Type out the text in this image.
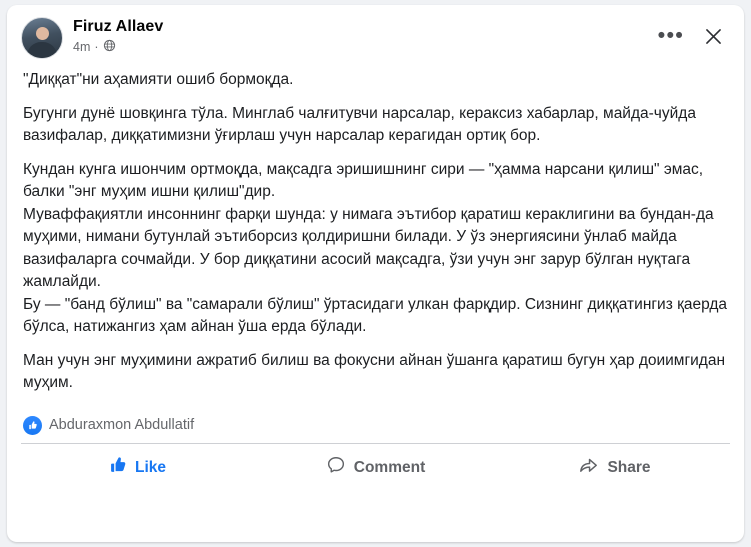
Firuz Allaev
4m ·	•••

"Диққат"ни аҳамияти ошиб бормоқда.

Бугунги дунё шовқинга тўла. Минглаб чалғитувчи нарсалар, кераксиз хабарлар, майда-чуйда вазифалар, диққатимизни ўғирлаш учун нарсалар керагидан ортиқ бор.

Кундан кунга ишончим ортмоқда, мақсадга эришишнинг сири — "ҳамма нарсани қилиш" эмас, балки "энг муҳим ишни қилиш"дир.

Муваффақиятли инсоннинг фарқи шунда: у нимага эътибор қаратиш кераклигини ва бундан-да муҳими, нимани бутунлай эътиборсиз қолдиришни билади. У ўз энергиясини ўнлаб майда вазифаларга сочмайди. У бор диққатини асосий мақсадга, ўзи учун энг зарур бўлган нуқтага жамлайди.

Бу — "банд бўлиш" ва "самарали бўлиш" ўртасидаги улкан фарқдир. Сизнинг диққатингиз қаерда бўлса, натижангиз ҳам айнан ўша ерда бўлади.

Ман учун энг муҳимини ажратиб билиш ва фокусни айнан ўшанга қаратиш бугун ҳар доиимгидан муҳим.

Abduraxmon Abdullatif
Like	Comment	Share
